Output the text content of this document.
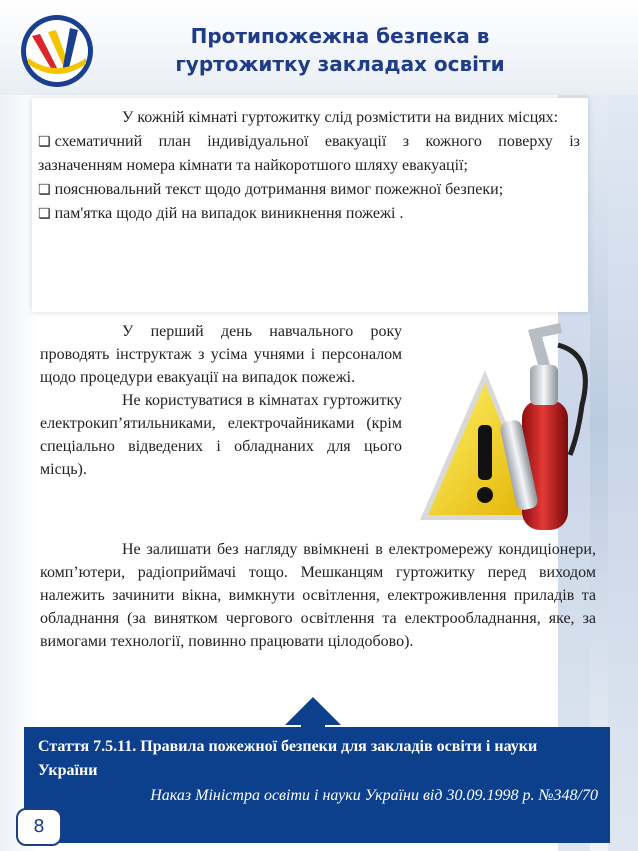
Протипожежна безпека в
гуртожитку закладах освіти

У кожній кімнаті гуртожитку слід розмістити на видних місцях:

❏ схематичний план індивідуальної евакуації з кожного поверху із зазначенням номера кімнати та найкоротшого шляху евакуації;

❏ пояснювальний текст щодо дотримання вимог пожежної безпеки;

❏ пам'ятка щодо дій на випадок виникнення пожежі .

У перший день навчального року проводять інструктаж з усіма учнями і персоналом щодо процедури евакуації на випадок пожежі.

Не користуватися в кімнатах гуртожитку електрокип’ятильниками, електрочайниками (крім спеціально відведених і обладнаних для цього місць).

Не залишати без нагляду ввімкнені в електромережу кондиціонери, комп’ютери, радіоприймачі тощо. Мешканцям гуртожитку перед виходом належить зачинити вікна, вимкнути освітлення, електроживлення приладів та обладнання (за винятком чергового освітлення та електрообладнання, яке, за вимогами технології, повинно працювати цілодобово).
Стаття 7.5.11. Правила пожежної безпеки для закладів освіти і науки України
Наказ Міністра освіти і науки України від 30.09.1998 р. №348/70
8
